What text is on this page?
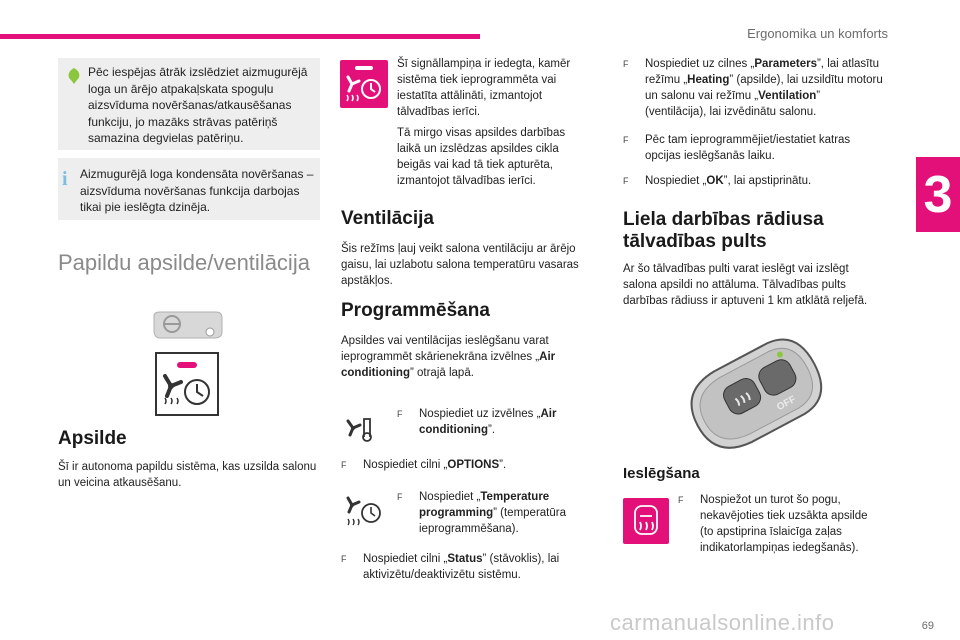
Ergonomika un komforts
3
Pēc iespējas ātrāk izslēdziet aizmugurējā loga un ārējo atpakaļskata spoguļu aizsvīduma novēršanas/atkausēšanas funkciju, jo mazāks strāvas patēriņš samazina degvielas patēriņu.
Aizmugurējā loga kondensāta novēršanas – aizsvīduma novēršanas funkcija darbojas tikai pie ieslēgta dzinēja.
i
Papildu apsilde/ventilācija
Apsilde
Šī ir autonoma papildu sistēma, kas uzsilda salonu un veicina atkausēšanu.
Šī signāllampiņa ir iedegta, kamēr sistēma tiek ieprogrammēta vai iestatīta attālināti, izmantojot tālvadības ierīci.
Tā mirgo visas apsildes darbības laikā un izslēdzas apsildes cikla beigās vai kad tā tiek apturēta, izmantojot tālvadības ierīci.
Ventilācija
Šis režīms ļauj veikt salona ventilāciju ar ārējo gaisu, lai uzlabotu salona temperatūru vasaras apstākļos.
Programmēšana
Apsildes vai ventilācijas ieslēgšanu varat ieprogrammēt skārienekrāna izvēlnes „Air conditioning” otrajā lapā.
F	Nospiediet uz izvēlnes „Air conditioning”.
F	Nospiediet cilni „OPTIONS”.
F	Nospiediet „Temperature programming” (temperatūra ieprogrammēšana).
F	Nospiediet cilni „Status” (stāvoklis), lai aktivizētu/deaktivizētu sistēmu.
F	Nospiediet uz cilnes „Parameters”, lai atlasītu režīmu „Heating” (apsilde), lai uzsildītu motoru un salonu vai režīmu „Ventilation” (ventilācija), lai izvēdinātu salonu.
F	Pēc tam ieprogrammējiet/iestatiet katras opcijas ieslēgšanās laiku.
F	Nospiediet „OK”, lai apstiprinātu.
Liela darbības rādiusa tālvadības pults
Ar šo tālvadības pulti varat ieslēgt vai izslēgt salona apsildi no attāluma. Tālvadības pults darbības rādiuss ir aptuveni 1 km atklātā reljefā.
OFF
Ieslēgšana
F	Nospiežot un turot šo pogu, nekavējoties tiek uzsākta apsilde (to apstiprina īslaicīga zaļas indikatorlampiņas iedegšanās).
carmanualsonline.info	69
